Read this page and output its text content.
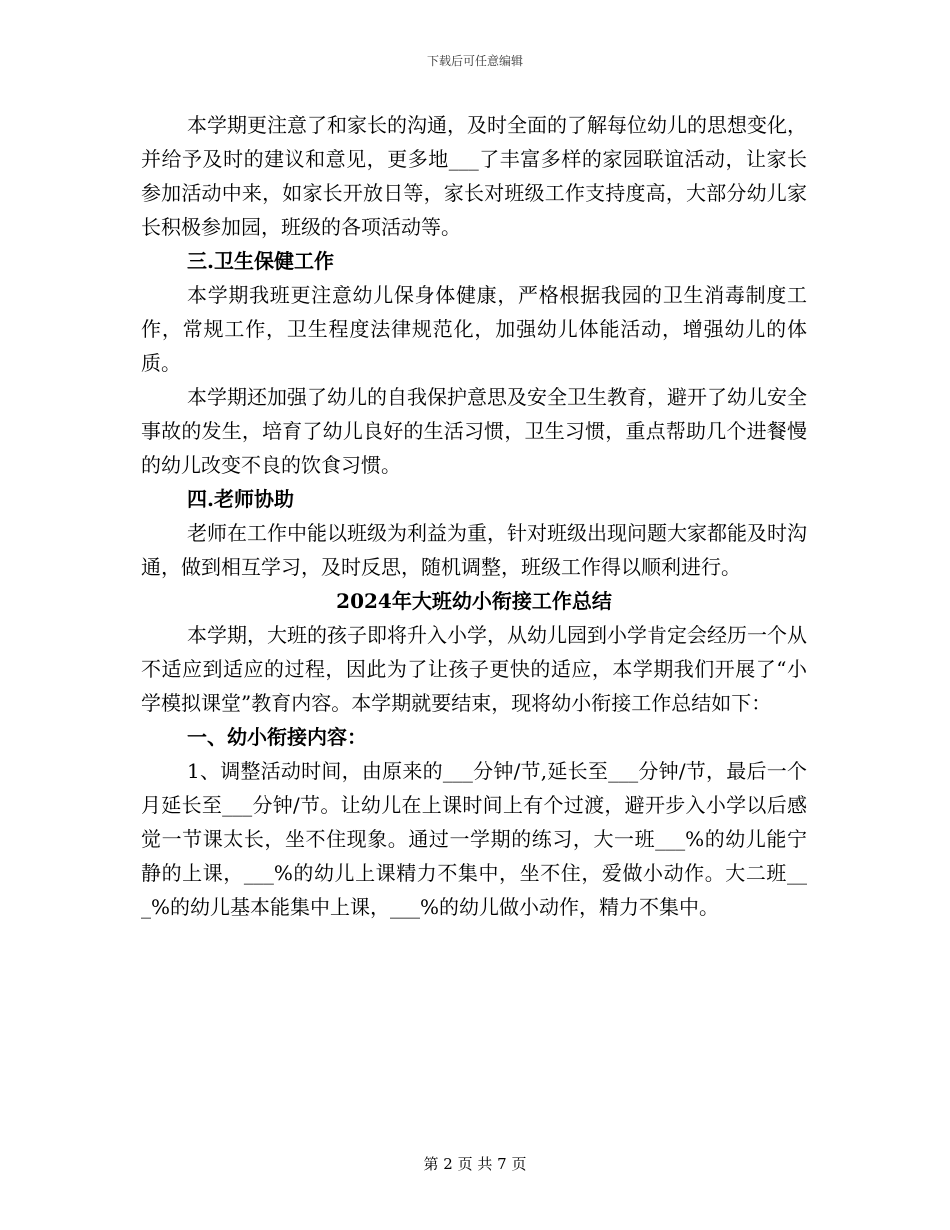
下载后可任意编辑

本学期更注意了和家长的沟通，及时全面的了解每位幼儿的思想变化，并给予及时的建议和意见，更多地___了丰富多样的家园联谊活动，让家长参加活动中来，如家长开放日等，家长对班级工作支持度高，大部分幼儿家长积极参加园，班级的各项活动等。

三.卫生保健工作

本学期我班更注意幼儿保身体健康，严格根据我园的卫生消毒制度工作，常规工作，卫生程度法律规范化，加强幼儿体能活动，增强幼儿的体质。

本学期还加强了幼儿的自我保护意思及安全卫生教育，避开了幼儿安全事故的发生，培育了幼儿良好的生活习惯，卫生习惯，重点帮助几个进餐慢的幼儿改变不良的饮食习惯。

四.老师协助

老师在工作中能以班级为利益为重，针对班级出现问题大家都能及时沟通，做到相互学习，及时反思，随机调整，班级工作得以顺利进行。

2024年大班幼小衔接工作总结

本学期，大班的孩子即将升入小学，从幼儿园到小学肯定会经历一个从不适应到适应的过程，因此为了让孩子更快的适应，本学期我们开展了“小学模拟课堂”教育内容。本学期就要结束，现将幼小衔接工作总结如下：

一、幼小衔接内容：

1、调整活动时间，由原来的___分钟/节,延长至___分钟/节，最后一个月延长至___分钟/节。让幼儿在上课时间上有个过渡，避开步入小学以后感觉一节课太长，坐不住现象。通过一学期的练习，大一班___%的幼儿能宁静的上课，___%的幼儿上课精力不集中，坐不住，爱做小动作。大二班___%的幼儿基本能集中上课，___%的幼儿做小动作，精力不集中。

第 2 页 共 7 页
